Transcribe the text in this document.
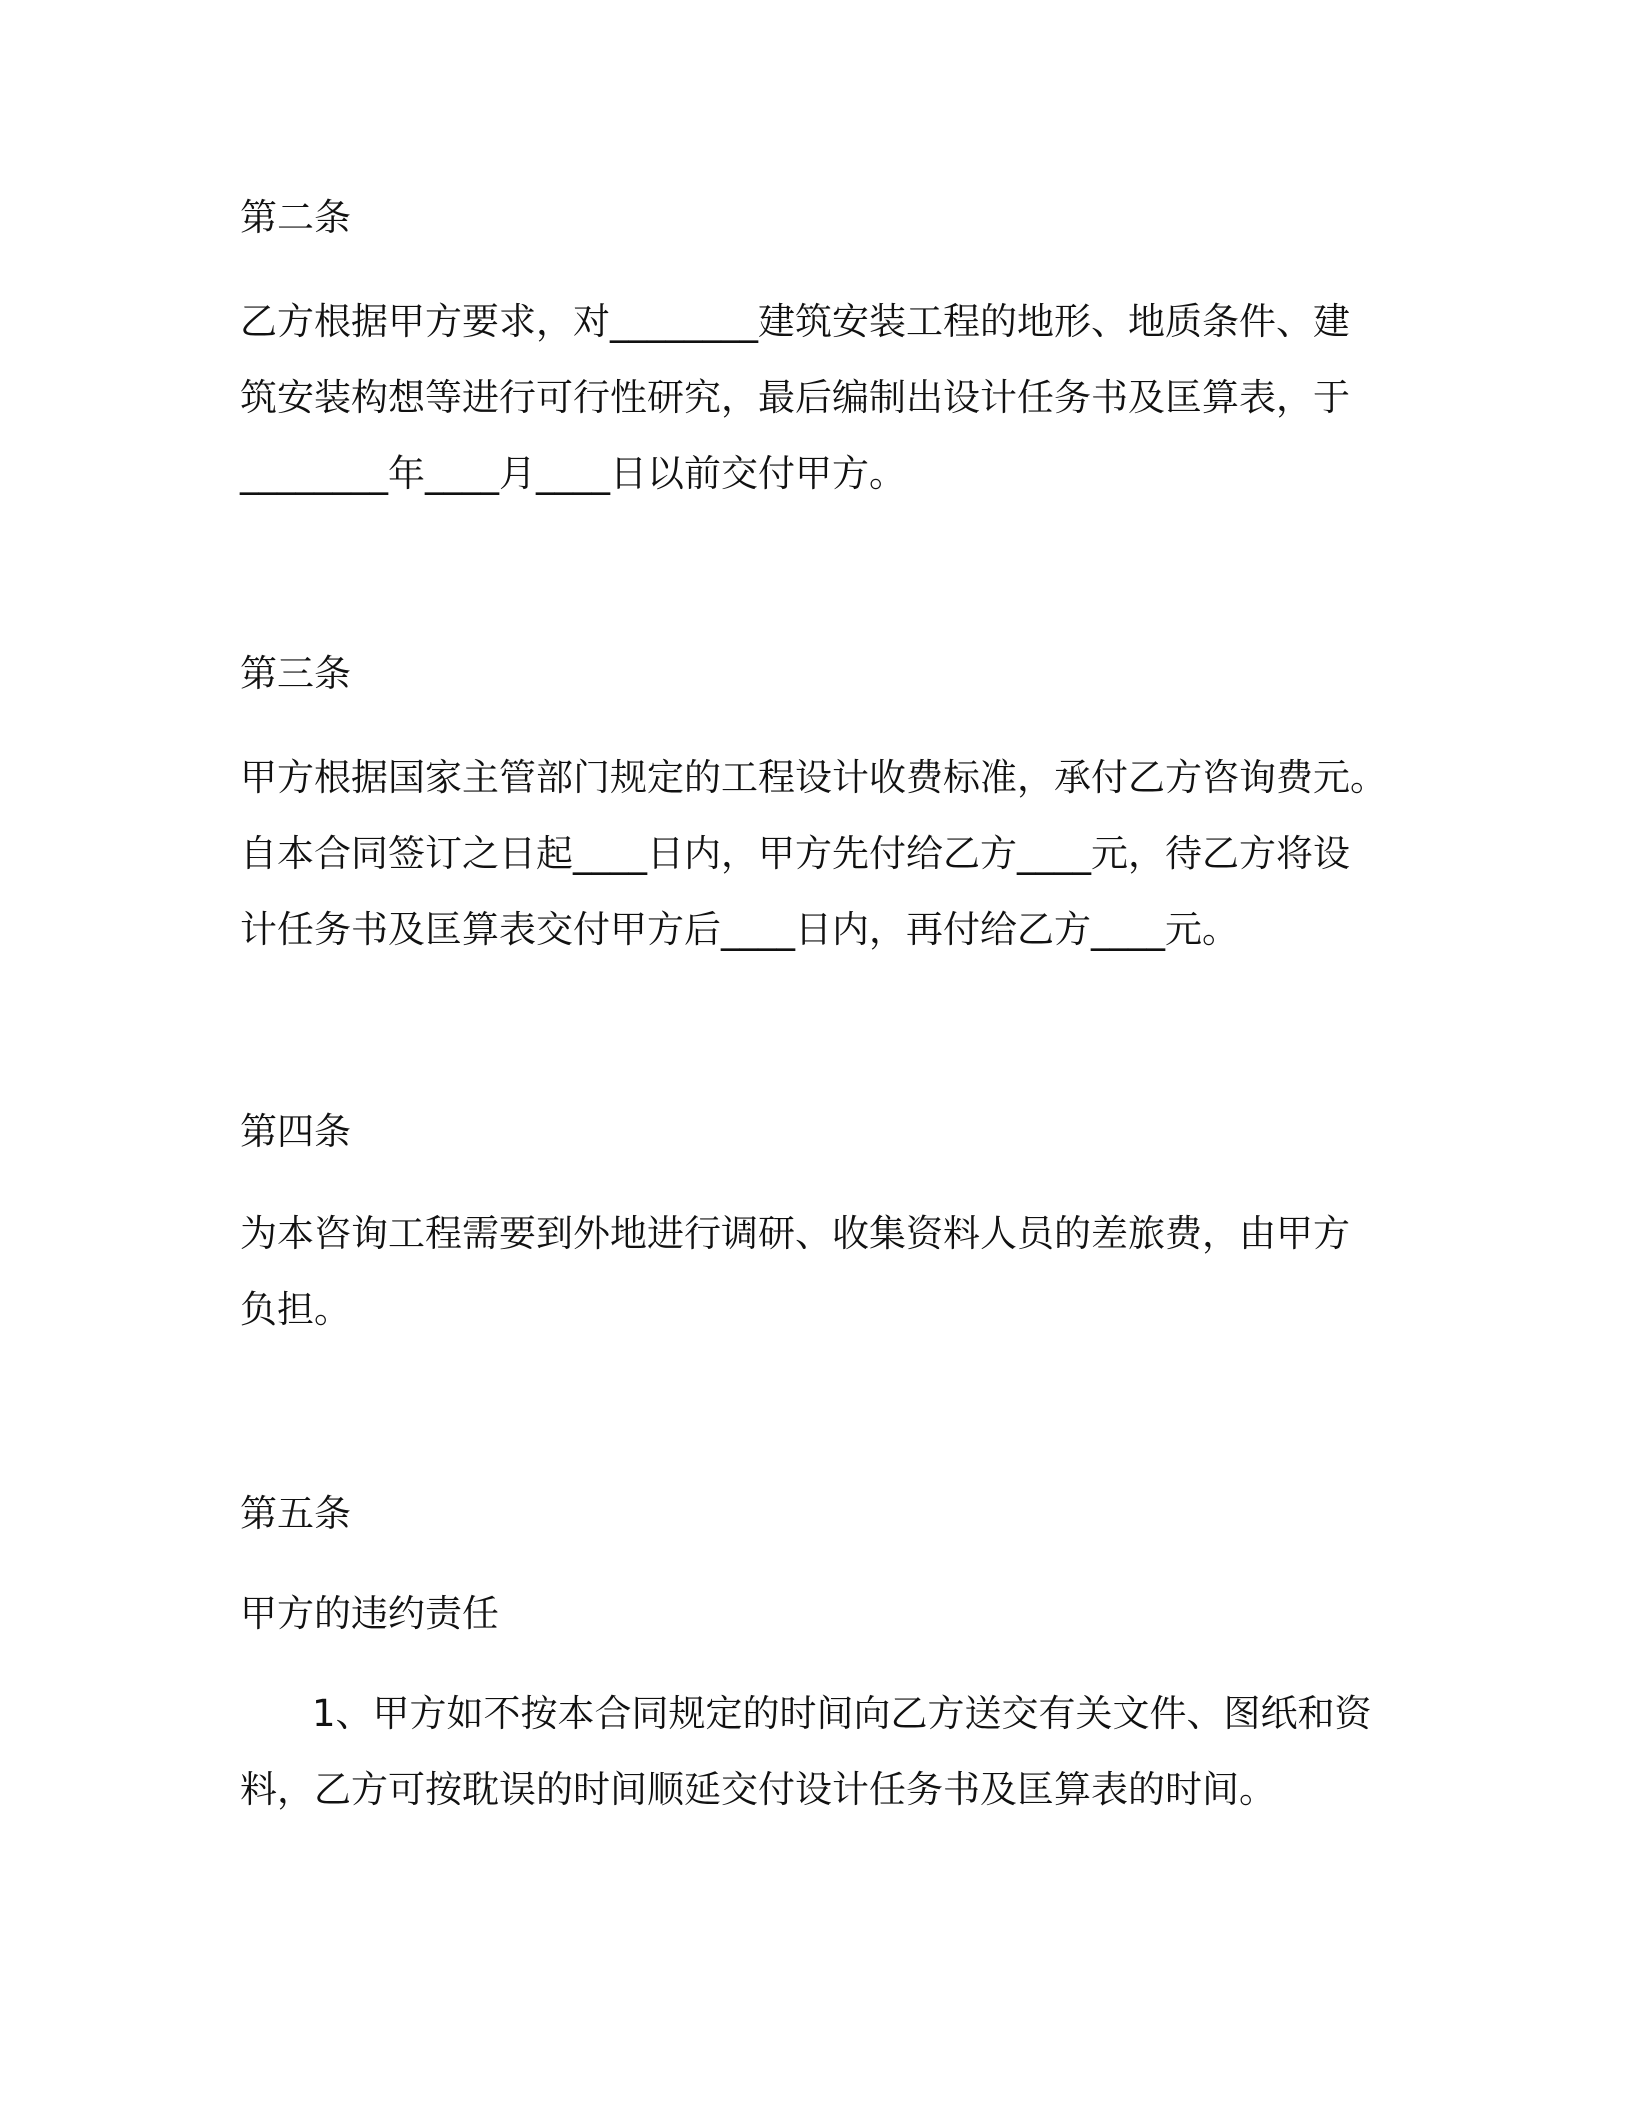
第二条
乙方根据甲方要求，对________建筑安装工程的地形、地质条件、建
筑安装构想等进行可行性研究，最后编制出设计任务书及匡算表，于
________年____月____日以前交付甲方。
第三条
甲方根据国家主管部门规定的工程设计收费标准，承付乙方咨询费元。
自本合同签订之日起____日内，甲方先付给乙方____元，待乙方将设
计任务书及匡算表交付甲方后____日内，再付给乙方____元。
第四条
为本咨询工程需要到外地进行调研、收集资料人员的差旅费，由甲方
负担。
第五条
甲方的违约责任
1、甲方如不按本合同规定的时间向乙方送交有关文件、图纸和资
料，乙方可按耽误的时间顺延交付设计任务书及匡算表的时间。
